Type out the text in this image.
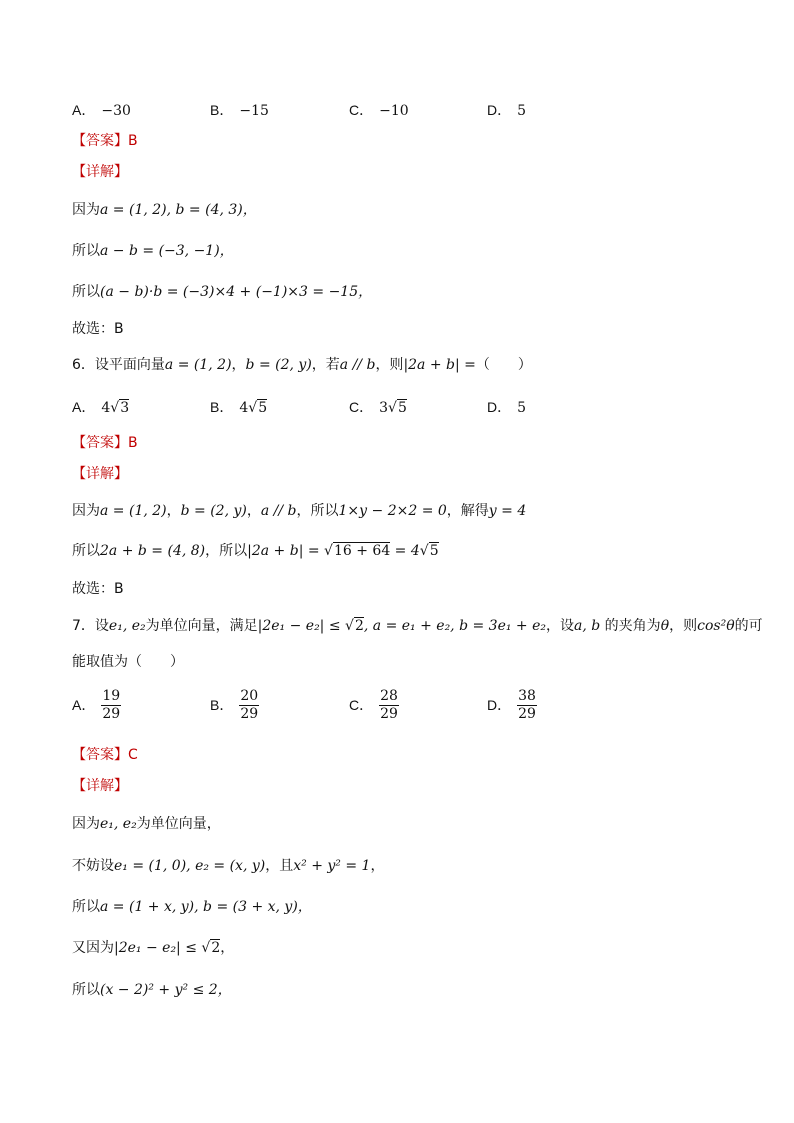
A． −30	B． −15	C． −10	D． 5
【答案】B
【详解】
因为a = (1, 2), b = (4, 3)，
所以a − b = (−3, −1)，
所以(a − b)·b = (−3)×4 + (−1)×3 = −15，
故选：B
6．设平面向量a = (1, 2)，b = (2, y)，若a // b，则|2a + b| =（　　）
A． 4√3	B． 4√5	C． 3√5	D． 5
【答案】B
【详解】
因为a = (1, 2)，b = (2, y)，a // b，所以1×y − 2×2 = 0，解得y = 4
所以2a + b = (4, 8)，所以|2a + b| = √16 + 64 = 4√5
故选：B
7．设e₁, e₂为单位向量，满足|2e₁ − e₂| ≤ √2, a = e₁ + e₂, b = 3e₁ + e₂，设a, b 的夹角为θ，则cos²θ的可
能取值为（　　）
A． $\frac{19}{29}$	B． $\frac{20}{29}$	C． $\frac{28}{29}$	D． $\frac{38}{29}$
【答案】C
【详解】
因为e₁, e₂为单位向量，
不妨设e₁ = (1, 0), e₂ = (x, y)，且x² + y² = 1，
所以a = (1 + x, y), b = (3 + x, y)，
又因为|2e₁ − e₂| ≤ √2，
所以(x − 2)² + y² ≤ 2，
